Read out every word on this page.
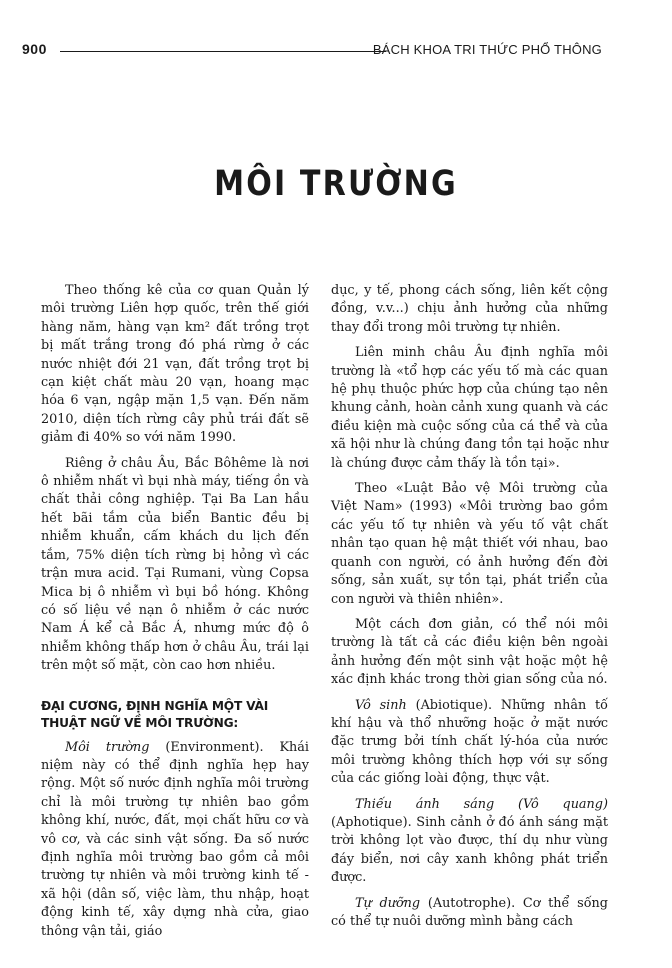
900	BÁCH KHOA TRI THỨC PHỔ THÔNG
MÔI TRƯỜNG

Theo thống kê của cơ quan Quản lý môi trường Liên hợp quốc, trên thế giới hàng năm, hàng vạn km² đất trồng trọt bị mất trắng trong đó phá rừng ở các nước nhiệt đới 21 vạn, đất trồng trọt bị cạn kiệt chất màu 20 vạn, hoang mạc hóa 6 vạn, ngập mặn 1,5 vạn. Đến năm 2010, diện tích rừng cây phủ trái đất sẽ giảm đi 40% so với năm 1990.

Riêng ở châu Âu, Bắc Bôhême là nơi ô nhiễm nhất vì bụi nhà máy, tiếng ồn và chất thải công nghiệp. Tại Ba Lan hầu hết bãi tắm của biển Bantic đều bị nhiễm khuẩn, cấm khách du lịch đến tắm, 75% diện tích rừng bị hỏng vì các trận mưa acid. Tại Rumani, vùng Copsa Mica bị ô nhiễm vì bụi bồ hóng. Không có số liệu về nạn ô nhiễm ở các nước Nam Á kể cả Bắc Á, nhưng mức độ ô nhiễm không thấp hơn ở châu Âu, trái lại trên một số mặt, còn cao hơn nhiều.

ĐẠI CƯƠNG, ĐỊNH NGHĨA MỘT VÀI THUẬT NGỮ VỀ MÔI TRƯỜNG:

Môi trường (Environment). Khái niệm này có thể định nghĩa hẹp hay rộng. Một số nước định nghĩa môi trường chỉ là môi trường tự nhiên bao gồm không khí, nước, đất, mọi chất hữu cơ và vô cơ, và các sinh vật sống. Đa số nước định nghĩa môi trường bao gồm cả môi trường tự nhiên và môi trường kinh tế - xã hội (dân số, việc làm, thu nhập, hoạt động kinh tế, xây dựng nhà cửa, giao thông vận tải, giáo

dục, y tế, phong cách sống, liên kết cộng đồng, v.v...) chịu ảnh hưởng của những thay đổi trong môi trường tự nhiên.

Liên minh châu Âu định nghĩa môi trường là «tổ hợp các yếu tố mà các quan hệ phụ thuộc phức hợp của chúng tạo nên khung cảnh, hoàn cảnh xung quanh và các điều kiện mà cuộc sống của cá thể và của xã hội như là chúng đang tồn tại hoặc như là chúng được cảm thấy là tồn tại».

Theo «Luật Bảo vệ Môi trường của Việt Nam» (1993) «Môi trường bao gồm các yếu tố tự nhiên và yếu tố vật chất nhân tạo quan hệ mật thiết với nhau, bao quanh con người, có ảnh hưởng đến đời sống, sản xuất, sự tồn tại, phát triển của con người và thiên nhiên».

Một cách đơn giản, có thể nói môi trường là tất cả các điều kiện bên ngoài ảnh hưởng đến một sinh vật hoặc một hệ xác định khác trong thời gian sống của nó.

Vô sinh (Abiotique). Những nhân tố khí hậu và thổ nhưỡng hoặc ở mặt nước đặc trưng bởi tính chất lý-hóa của nước môi trường không thích hợp với sự sống của các giống loài động, thực vật.

Thiếu ánh sáng (Vô quang) (Aphotique). Sinh cảnh ở đó ánh sáng mặt trời không lọt vào được, thí dụ như vùng đáy biển, nơi cây xanh không phát triển được.

Tự dưỡng (Autotrophe). Cơ thể sống có thể tự nuôi dưỡng mình bằng cách
